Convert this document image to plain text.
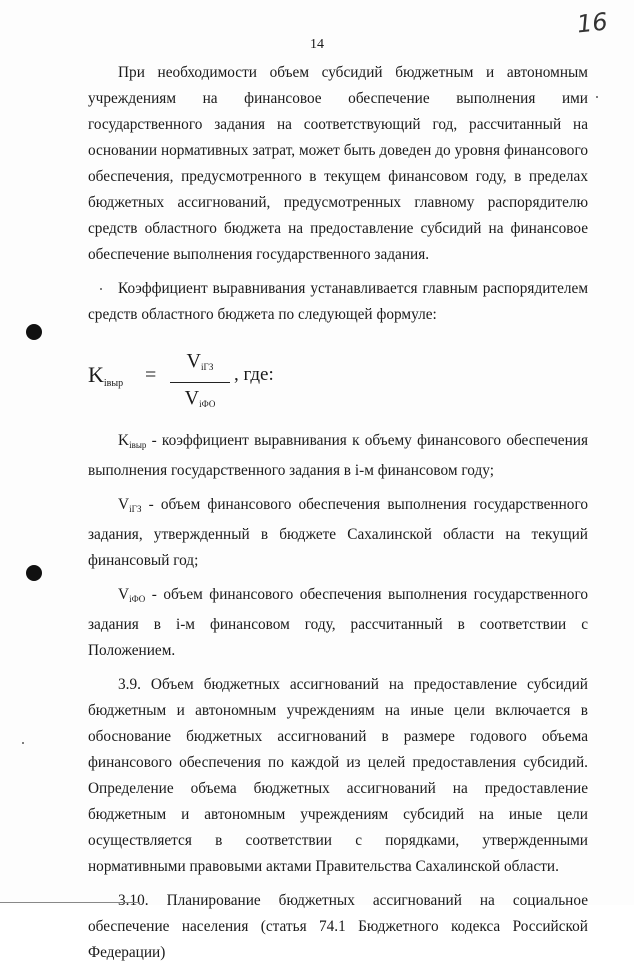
16
14

При необходимости объем субсидий бюджетным и автономным учреждениям на финансовое обеспечение выполнения ими государственного задания на соответствующий год, рассчитанный на основании нормативных затрат, может быть доведен до уровня финансового обеспечения, предусмотренного в текущем финансовом году, в пределах бюджетных ассигнований, предусмотренных главному распорядителю средств областного бюджета на предоставление субсидий на финансовое обеспечение выполнения государственного задания.

Коэффициент выравнивания устанавливается главным распорядителем средств областного бюджета по следующей формуле:

Kiвыр =
$V_{iГЗ}$
$V_{iФО}$
, где:

$K_{iвыр}$ - коэффициент выравнивания к объему финансового обеспечения выполнения государственного задания в i-м финансовом году;

$V_{iГЗ}$ - объем финансового обеспечения выполнения государственного задания, утвержденный в бюджете Сахалинской области на текущий финансовый год;

$V_{iФО}$ - объем финансового обеспечения выполнения государственного задания в i-м финансовом году, рассчитанный в соответствии с Положением.

3.9. Объем бюджетных ассигнований на предоставление субсидий бюджетным и автономным учреждениям на иные цели включается в обоснование бюджетных ассигнований в размере годового объема финансового обеспечения по каждой из целей предоставления субсидий. Определение объема бюджетных ассигнований на предоставление бюджетным и автономным учреждениям субсидий на иные цели осуществляется в соответствии с порядками, утвержденными нормативными правовыми актами Правительства Сахалинской области.

3.10. Планирование бюджетных ассигнований на социальное обеспечение населения (статья 74.1 Бюджетного кодекса Российской Федерации)
